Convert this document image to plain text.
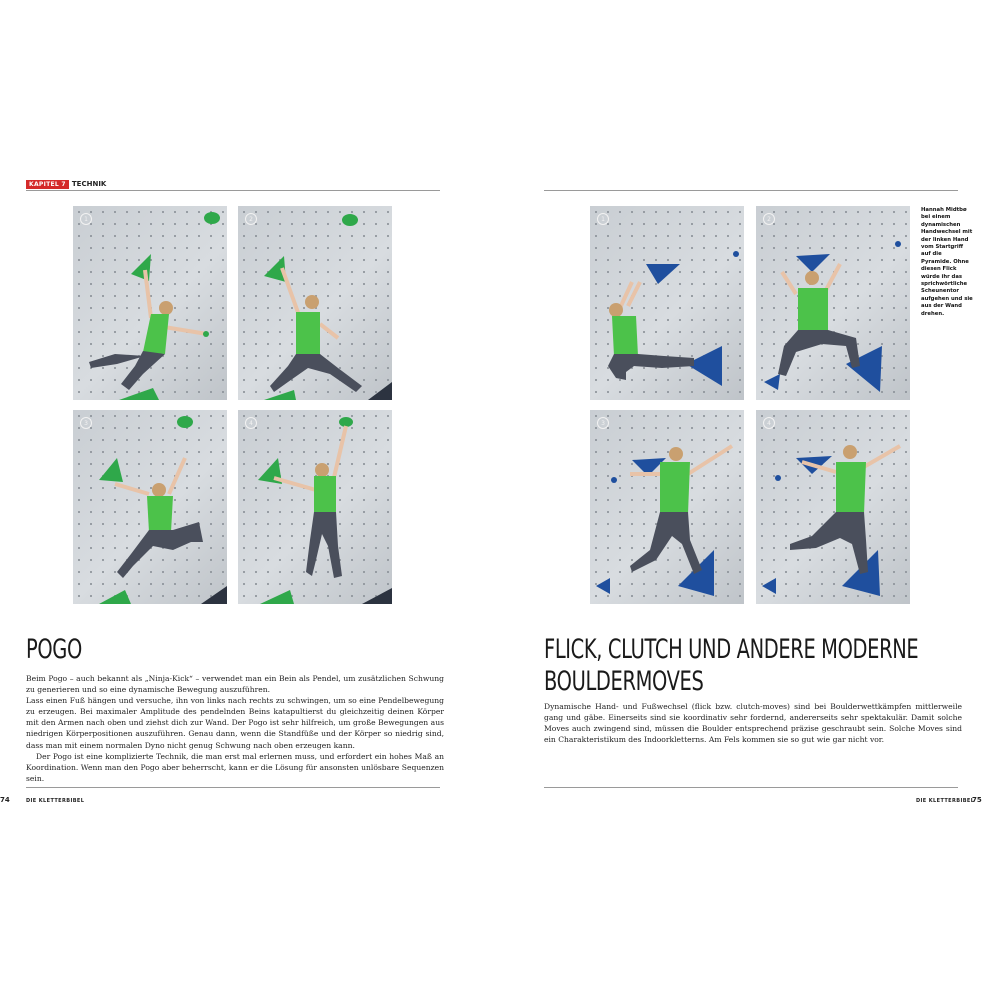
KAPITEL 7 TECHNIK
1	2
3	4
POGO

Beim Pogo – auch bekannt als „Ninja-Kick“ – verwendet man ein Bein als Pendel, um zusätzlichen Schwung zu generieren und so eine dynamische Bewegung auszuführen.

Lass einen Fuß hängen und versuche, ihn von links nach rechts zu schwingen, um so eine Pendelbewegung zu erzeugen. Bei maximaler Amplitude des pendelnden Beins katapultierst du gleichzeitig deinen Körper mit den Armen nach oben und ziehst dich zur Wand. Der Pogo ist sehr hilfreich, um große Bewegungen aus niedrigen Körperpositionen auszuführen. Genau dann, wenn die Standfüße und der Körper so niedrig sind, dass man mit einem normalen Dyno nicht genug Schwung nach oben erzeugen kann.

Der Pogo ist eine komplizierte Technik, die man erst mal erlernen muss, und erfordert ein hohes Maß an Koordination. Wenn man den Pogo aber beherrscht, kann er die Lösung für ansonsten unlösbare Sequenzen sein.

74	DIE KLETTERBIBEL
1	2
3	4
Hannah Midtbø bei einem dynamischen Handwechsel mit der linken Hand vom Startgriff auf die Pyramide. Ohne diesen Flick würde ihr das sprichwörtliche Scheunentor aufgehen und sie aus der Wand drehen.
FLICK, CLUTCH UND ANDERE MODERNE
BOULDERMOVES

Dynamische Hand- und Fußwechsel (flick bzw. clutch-moves) sind bei Boulderwettkämpfen mittlerweile gang und gäbe. Einerseits sind sie koordinativ sehr fordernd, andererseits sehr spektakulär. Damit solche Moves auch zwingend sind, müssen die Boulder entsprechend präzise geschraubt sein. Solche Moves sind ein Charakteristikum des Indoorkletterns. Am Fels kommen sie so gut wie gar nicht vor.

DIE KLETTERBIBEL
75
